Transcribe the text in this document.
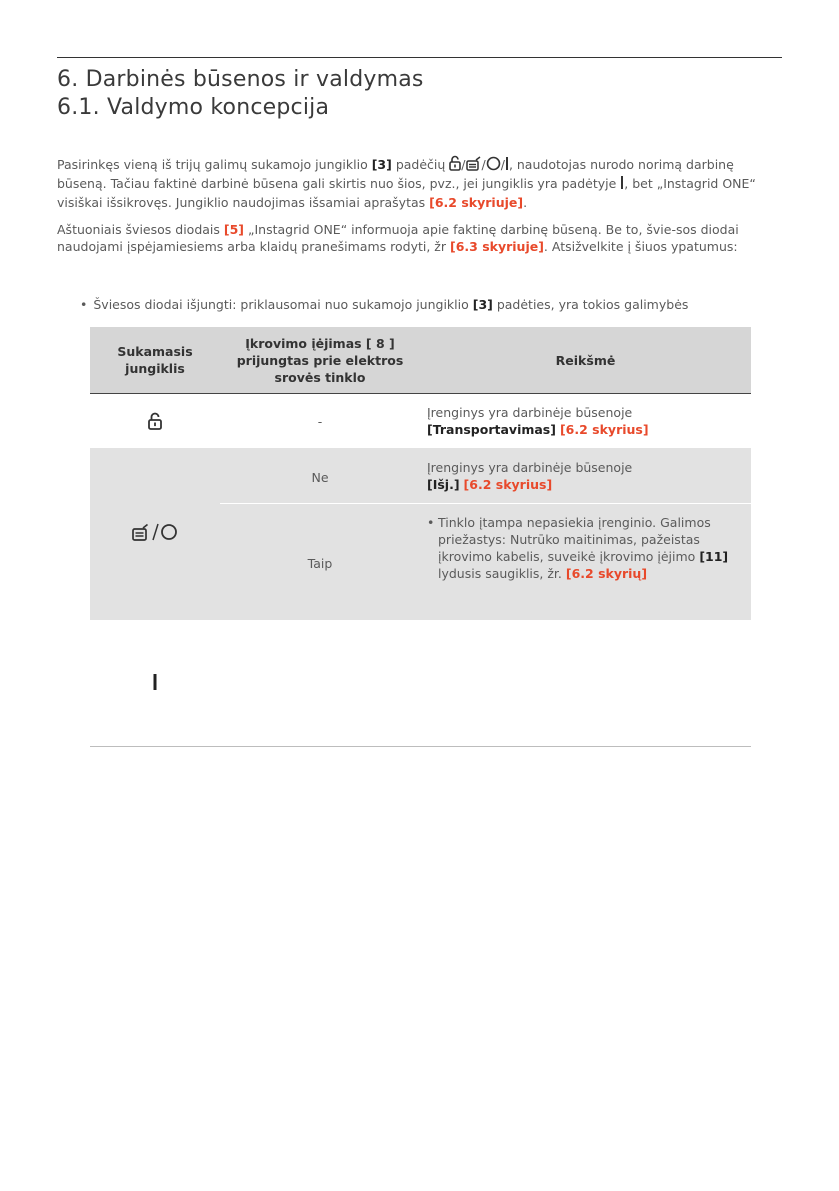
6. Darbinės būsenos ir valdymas
6.1. Valdymo koncepcija

Pasirinkęs vieną iš trijų galimų sukamojo jungiklio [3] padėčių / / / , naudotojas nurodo norimą darbinę būseną. Tačiau faktinė darbinė būsena gali skirtis nuo šios, pvz., jei jungiklis yra padėtyje , bet „Instagrid ONE“ visiškai išsikrovęs. Jungiklio naudojimas išsamiai aprašytas [6.2 skyriuje].

Aštuoniais šviesos diodais [5] „Instagrid ONE“ informuoja apie faktinę darbinę būseną. Be to, švie-sos diodai naudojami įspėjamiesiems arba klaidų pranešimams rodyti, žr [6.3 skyriuje]. Atsižvelkite į šiuos ypatumus:

• Šviesos diodai išjungti: priklausomai nuo sukamojo jungiklio [3] padėties, yra tokios galimybės
Sukamasis jungiklis
Įkrovimo įėjimas [ 8 ] prijungtas prie elektros srovės tinklo
Reikšmė
-
Įrenginys yra darbinėje būsenoje
[Transportavimas] [6.2 skyrius]
Ne
Įrenginys yra darbinėje būsenoje
[Išj.] [6.2 skyrius]
Taip
• Tinklo įtampa nepasiekia įrenginio. Galimos priežastys: Nutrūko maitinimas, pažeistas įkrovimo kabelis, suveikė įkrovimo įėjimo [11] lydusis saugiklis, žr. [6.2 skyrių]
